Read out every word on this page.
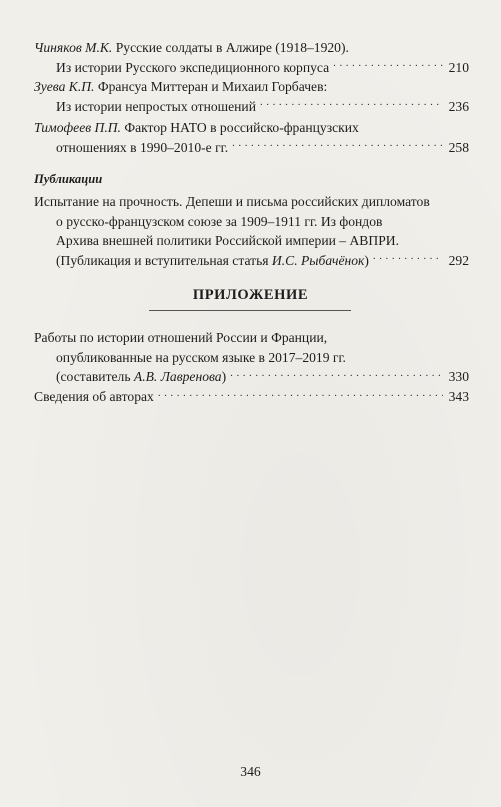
Чиняков М.К. Русские солдаты в Алжире (1918–1920).
Из истории Русского экспедиционного корпуса . . .	210
Зуева К.П. Франсуа Миттеран и Михаил Горбачев:
Из истории непростых отношений . . .	236
Тимофеев П.П. Фактор НАТО в российско-французских
отношениях в 1990–2010-е гг. . . .	258
Публикации
Испытание на прочность. Депеши и письма российских дипломатов
о русско-французском союзе за 1909–1911 гг. Из фондов
Архива внешней политики Российской империи – АВПРИ.
(Публикация и вступительная статья И.С. Рыбачёнок) . . .	292
ПРИЛОЖЕНИЕ
Работы по истории отношений России и Франции,
опубликованные на русском языке в 2017–2019 гг.
(составитель А.В. Лавренова) . . .	330
Сведения об авторах . . .	343
346
